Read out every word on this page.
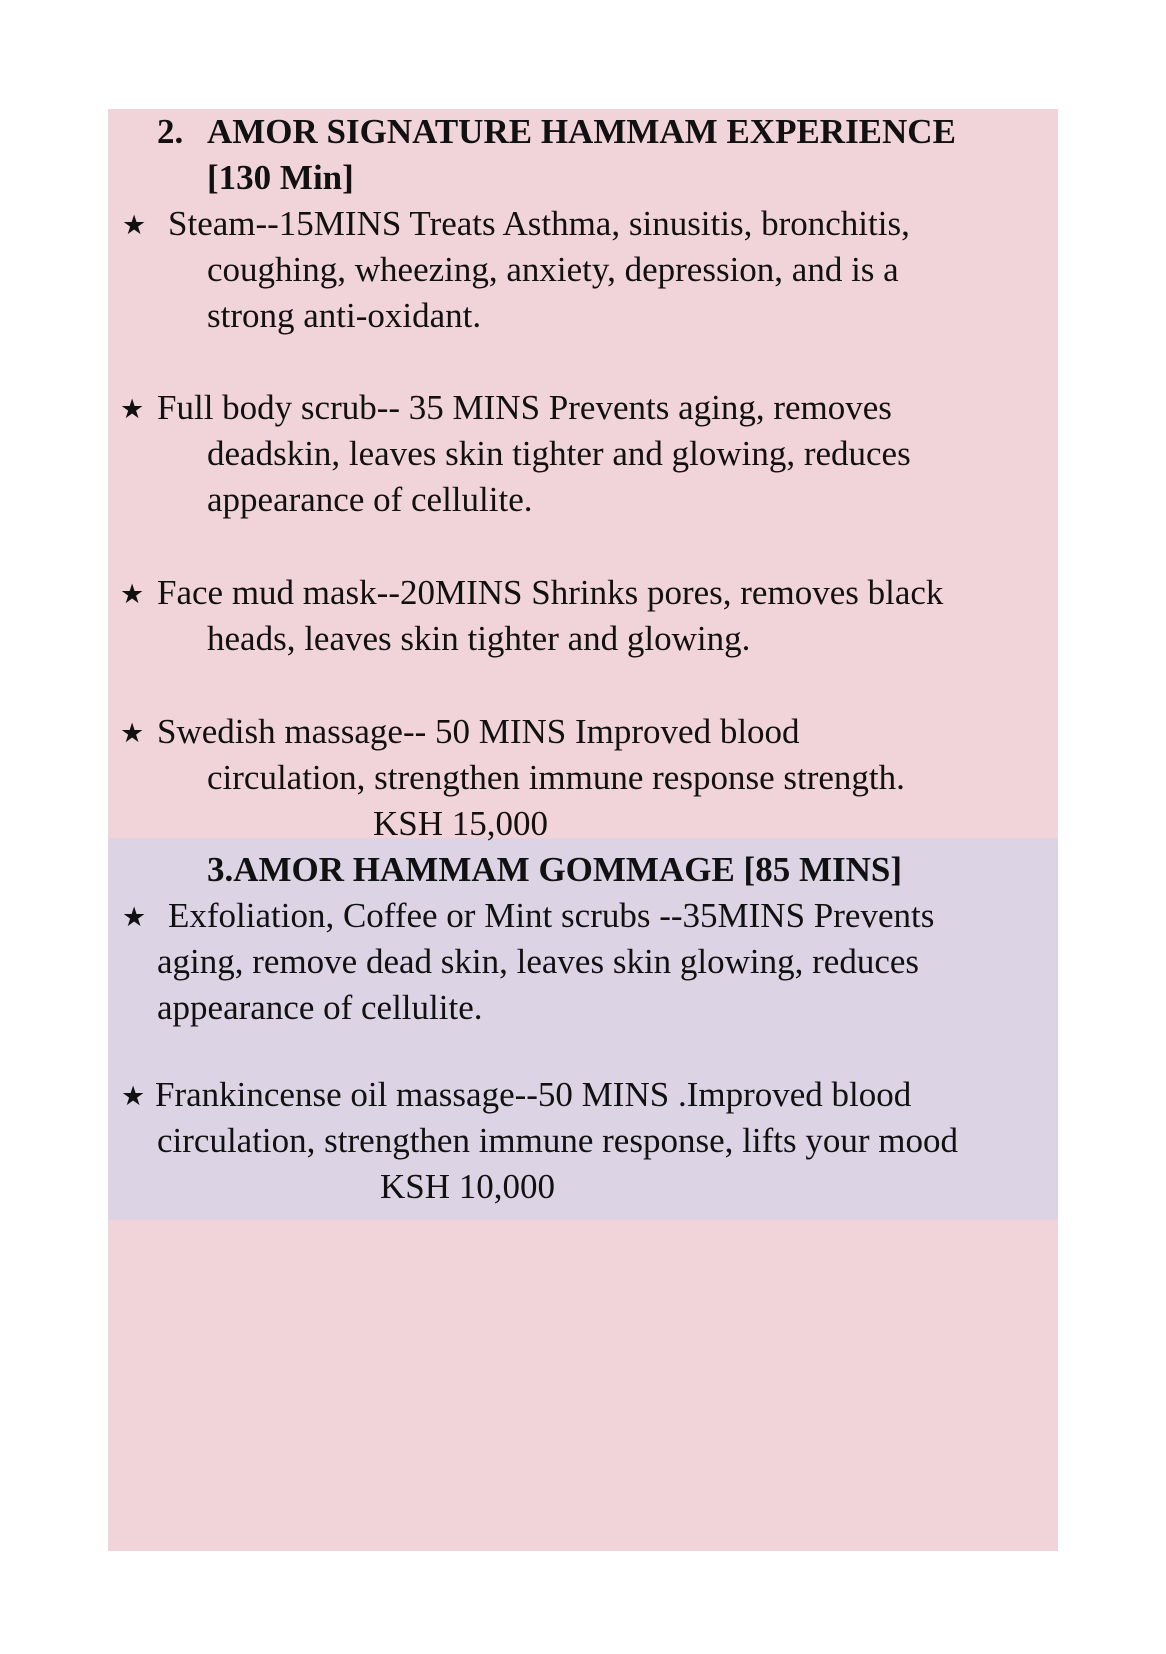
2. AMOR SIGNATURE HAMMAM EXPERIENCE
[130 Min]
★ Steam--15MINS Treats Asthma, sinusitis, bronchitis,
coughing, wheezing, anxiety, depression, and is a
strong anti-oxidant.
★ Full body scrub-- 35 MINS Prevents aging, removes
deadskin, leaves skin tighter and glowing, reduces
appearance of cellulite.
★ Face mud mask--20MINS Shrinks pores, removes black
heads, leaves skin tighter and glowing.
★ Swedish massage-- 50 MINS Improved blood
circulation, strengthen immune response strength.
KSH 15,000
3.AMOR HAMMAM GOMMAGE [85 MINS]
★ Exfoliation, Coffee or Mint scrubs --35MINS Prevents
aging, remove dead skin, leaves skin glowing, reduces
appearance of cellulite.
★ Frankincense oil massage--50 MINS .Improved blood
circulation, strengthen immune response, lifts your mood
KSH 10,000
